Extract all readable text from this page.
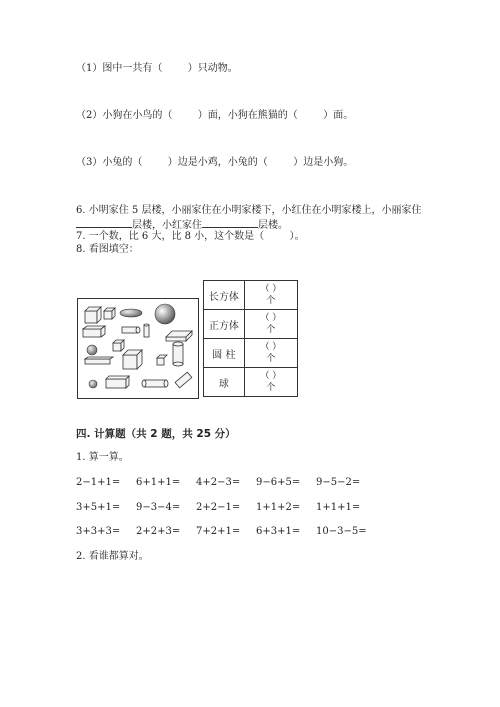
（1）图中一共有（        ）只动物。
（2）小狗在小鸟的（        ）面，小狗在熊猫的（        ）面。
（3）小兔的（        ）边是小鸡，小兔的（        ）边是小狗。
6. 小明家住 5 层楼，小丽家住在小明家楼下，小红住在小明家楼上，小丽家住
层楼，小红家住	层楼。
7. 一个数，比 6 大，比 8 小，这个数是（        ）。
8. 看图填空：
长方体	（ ）
个

正方体	（ ）
个

圆 柱	（ ）
个

球	（ ）
个
四. 计算题（共 2 题，共 25 分）
1. 算一算。
2−1+1= 6+1+1= 4+2−3= 9−6+5= 9−5−2=
3+5+1= 9−3−4= 2+2−1= 1+1+2= 1+1+1=
3+3+3= 2+2+3= 7+2+1= 6+3+1= 10−3−5=
2. 看谁都算对。
